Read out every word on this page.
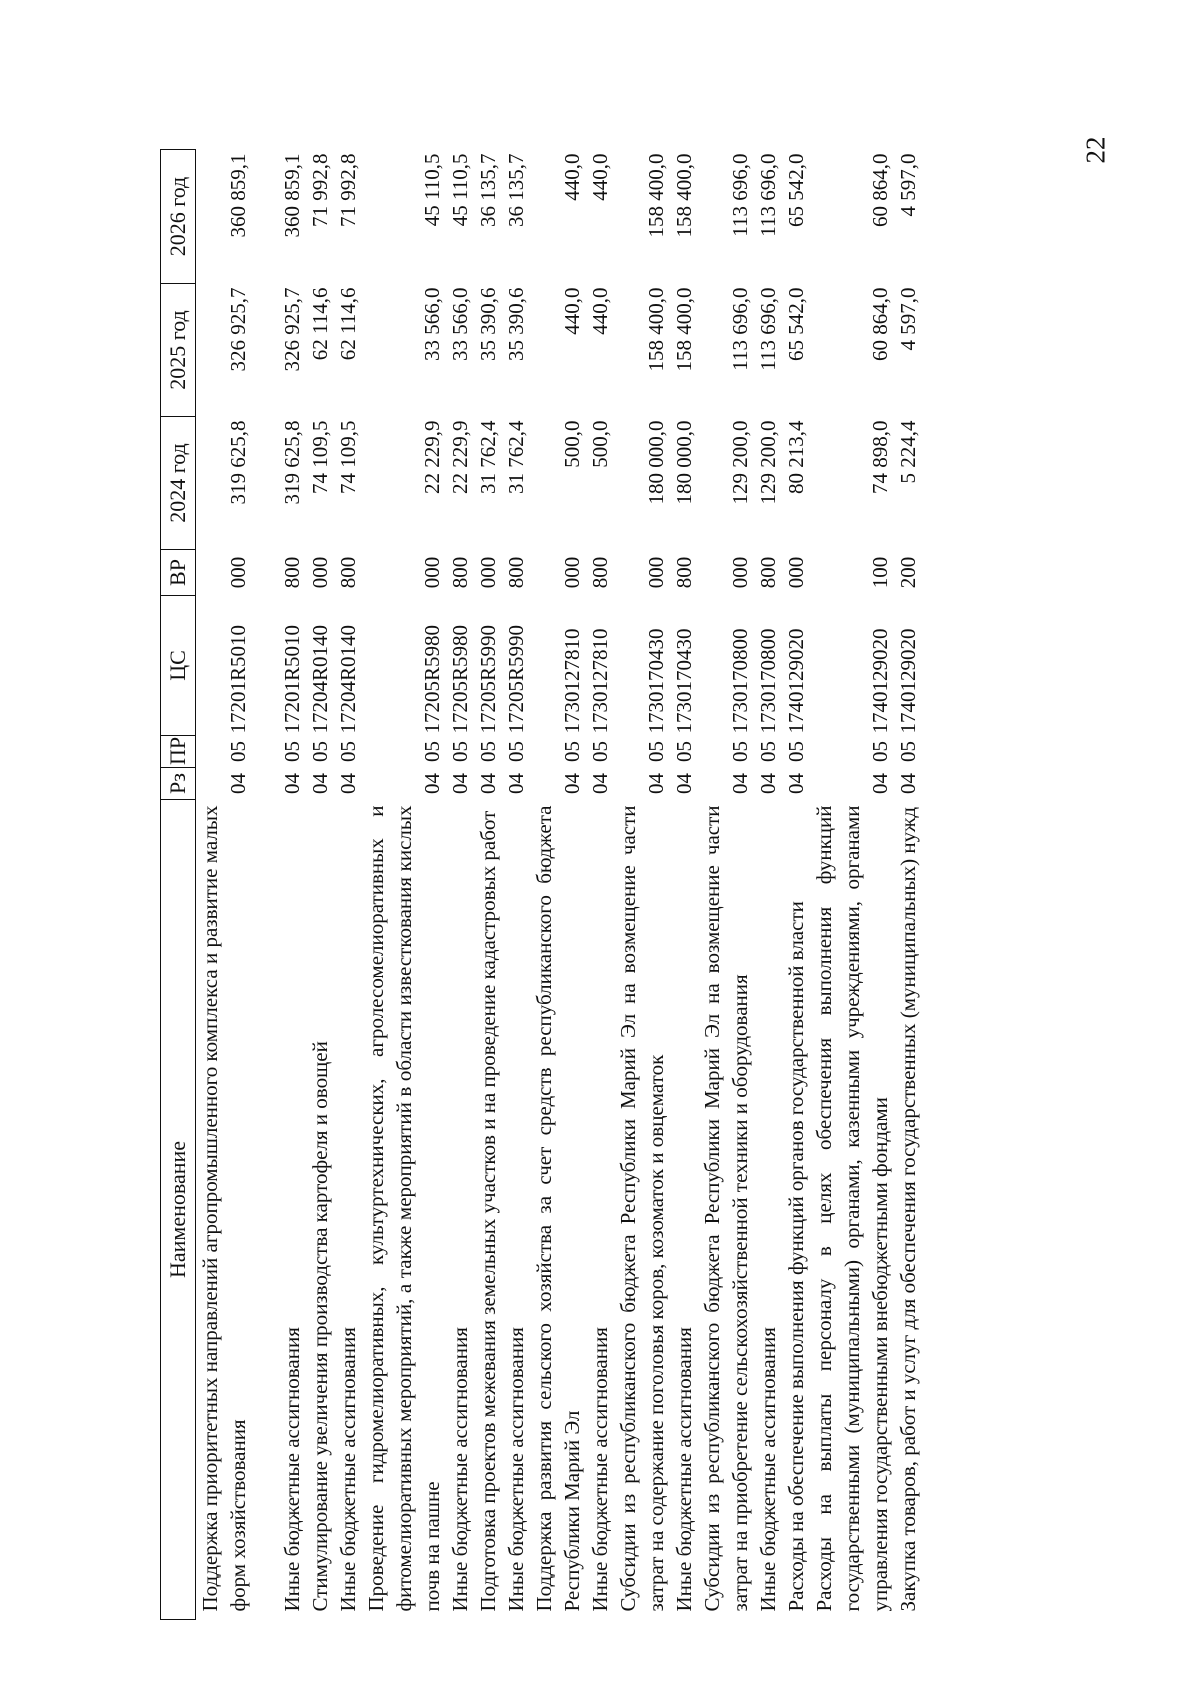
22
Наименование	Рз	ПР	ЦС	ВР	2024 год	2025 год	2026 год
Поддержка приоритетных направлений агропромышленного комплекса и развитие малых форм хозяйствования	04	05	17201R5010	000	319 625,8	326 925,7	360 859,1
Иные бюджетные ассигнования	04	05	17201R5010	800	319 625,8	326 925,7	360 859,1
Стимулирование увеличения производства картофеля и овощей	04	05	17204R0140	000	74 109,5	62 114,6	71 992,8
Иные бюджетные ассигнования	04	05	17204R0140	800	74 109,5	62 114,6	71 992,8
Проведение гидромелиоративных, культуртехнических, агролесомелиоративных и фитомелиоративных мероприятий, а также мероприятий в области известкования кислых почв на пашне	04	05	17205R5980	000	22 229,9	33 566,0	45 110,5
Иные бюджетные ассигнования	04	05	17205R5980	800	22 229,9	33 566,0	45 110,5
Подготовка проектов межевания земельных участков и на проведение кадастровых работ	04	05	17205R5990	000	31 762,4	35 390,6	36 135,7
Иные бюджетные ассигнования	04	05	17205R5990	800	31 762,4	35 390,6	36 135,7
Поддержка развития сельского хозяйства за счет средств республиканского бюджета Республики Марий Эл	04	05	1730127810	000	500,0	440,0	440,0
Иные бюджетные ассигнования	04	05	1730127810	800	500,0	440,0	440,0
Субсидии из республиканского бюджета Республики Марий Эл на возмещение части затрат на содержание поголовья коров, козоматок и овцематок	04	05	1730170430	000	180 000,0	158 400,0	158 400,0
Иные бюджетные ассигнования	04	05	1730170430	800	180 000,0	158 400,0	158 400,0
Субсидии из республиканского бюджета Республики Марий Эл на возмещение части затрат на приобретение сельскохозяйственной техники и оборудования	04	05	1730170800	000	129 200,0	113 696,0	113 696,0
Иные бюджетные ассигнования	04	05	1730170800	800	129 200,0	113 696,0	113 696,0
Расходы на обеспечение выполнения функций органов государственной власти	04	05	1740129020	000	80 213,4	65 542,0	65 542,0
Расходы на выплаты персоналу в целях обеспечения выполнения функций государственными (муниципальными) органами, казенными учреждениями, органами управления государственными внебюджетными фондами	04	05	1740129020	100	74 898,0	60 864,0	60 864,0
Закупка товаров, работ и услуг для обеспечения государственных (муниципальных) нужд	04	05	1740129020	200	5 224,4	4 597,0	4 597,0
